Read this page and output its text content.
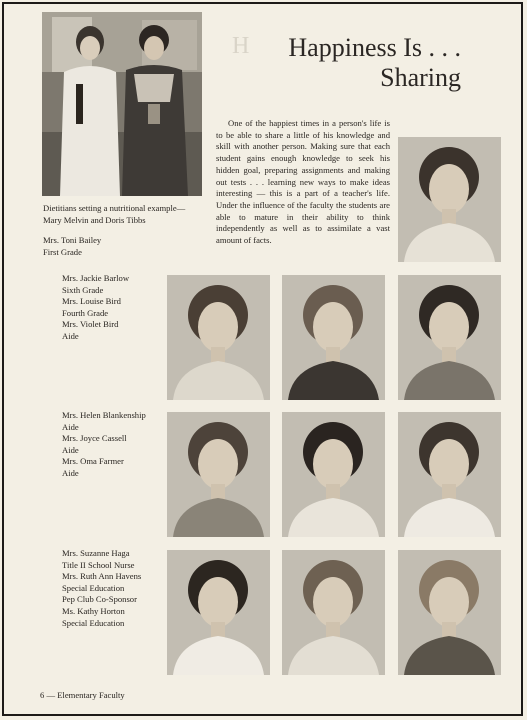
Dietitians setting a nutritional example—Mary Melvin and Doris Tibbs
H Happiness Is . . .
Sharing
One of the happiest times in a person's life is to be able to share a little of his knowledge and skill with another person. Making sure that each student gains enough knowledge to seek his hidden goal, preparing assignments and making out tests . . . learning new ways to make ideas interesting — this is a part of a teacher's life. Under the influence of the faculty the students are able to mature in their ability to think independently as well as to assimilate a vast amount of facts.
Mrs. Toni Bailey
First Grade
Mrs. Jackie Barlow
Sixth Grade
Mrs. Louise Bird
Fourth Grade
Mrs. Violet Bird
Aide
Mrs. Helen Blankenship
Aide
Mrs. Joyce Cassell
Aide
Mrs. Oma Farmer
Aide
Mrs. Suzanne Haga
Title II School Nurse
Mrs. Ruth Ann Havens
Special Education
Pep Club Co-Sponsor
Ms. Kathy Horton
Special Education
6 — Elementary Faculty
